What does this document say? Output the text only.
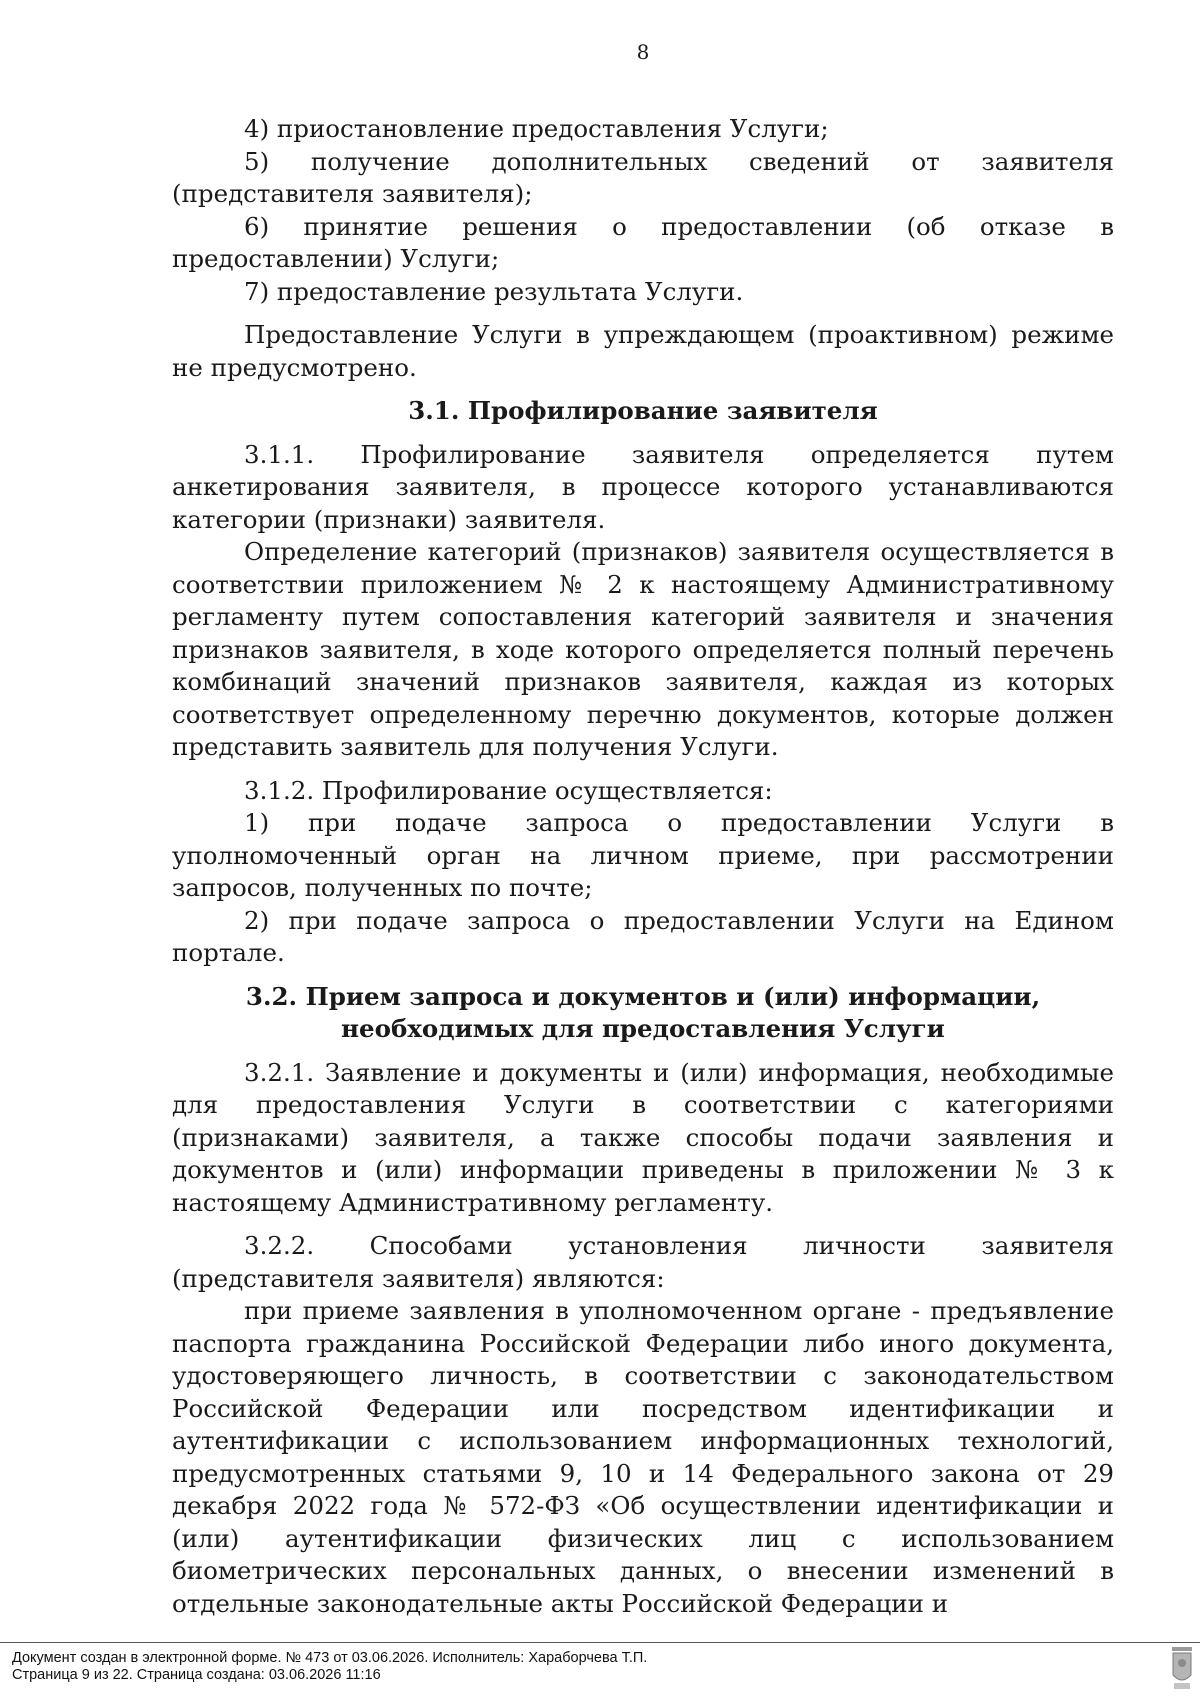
8

4) приостановление предоставления Услуги;

5) получение дополнительных сведений от заявителя (представителя заявителя);

6) принятие решения о предоставлении (об отказе в предоставлении) Услуги;

7) предоставление результата Услуги.

Предоставление Услуги в упреждающем (проактивном) режиме не предусмотрено.

3.1. Профилирование заявителя

3.1.1. Профилирование заявителя определяется путем анкетирования заявителя, в процессе которого устанавливаются категории (признаки) заявителя.

Определение категорий (признаков) заявителя осуществляется в соответствии приложением № 2 к настоящему Административному регламенту путем сопоставления категорий заявителя и значения признаков заявителя, в ходе которого определяется полный перечень комбинаций значений признаков заявителя, каждая из которых соответствует определенному перечню документов, которые должен представить заявитель для получения Услуги.

3.1.2. Профилирование осуществляется:

1) при подаче запроса о предоставлении Услуги в уполномоченный орган на личном приеме, при рассмотрении запросов, полученных по почте;

2) при подаче запроса о предоставлении Услуги на Едином портале.

3.2. Прием запроса и документов и (или) информации, необходимых для предоставления Услуги

3.2.1. Заявление и документы и (или) информация, необходимые для предоставления Услуги в соответствии с категориями (признаками) заявителя, а также способы подачи заявления и документов и (или) информации приведены в приложении № 3 к настоящему Административному регламенту.

3.2.2. Способами установления личности заявителя (представителя заявителя) являются:

при приеме заявления в уполномоченном органе - предъявление паспорта гражданина Российской Федерации либо иного документа, удостоверяющего личность, в соответствии с законодательством Российской Федерации или посредством идентификации и аутентификации с использованием информационных технологий, предусмотренных статьями 9, 10 и 14 Федерального закона от 29 декабря 2022 года № 572-ФЗ «Об осуществлении идентификации и (или) аутентификации физических лиц с использованием биометрических персональных данных, о внесении изменений в отдельные законодательные акты Российской Федерации и

Документ создан в электронной форме. № 473 от 03.06.2026. Исполнитель: Хараборчева Т.П.
Страница 9 из 22. Страница создана: 03.06.2026 11:16
